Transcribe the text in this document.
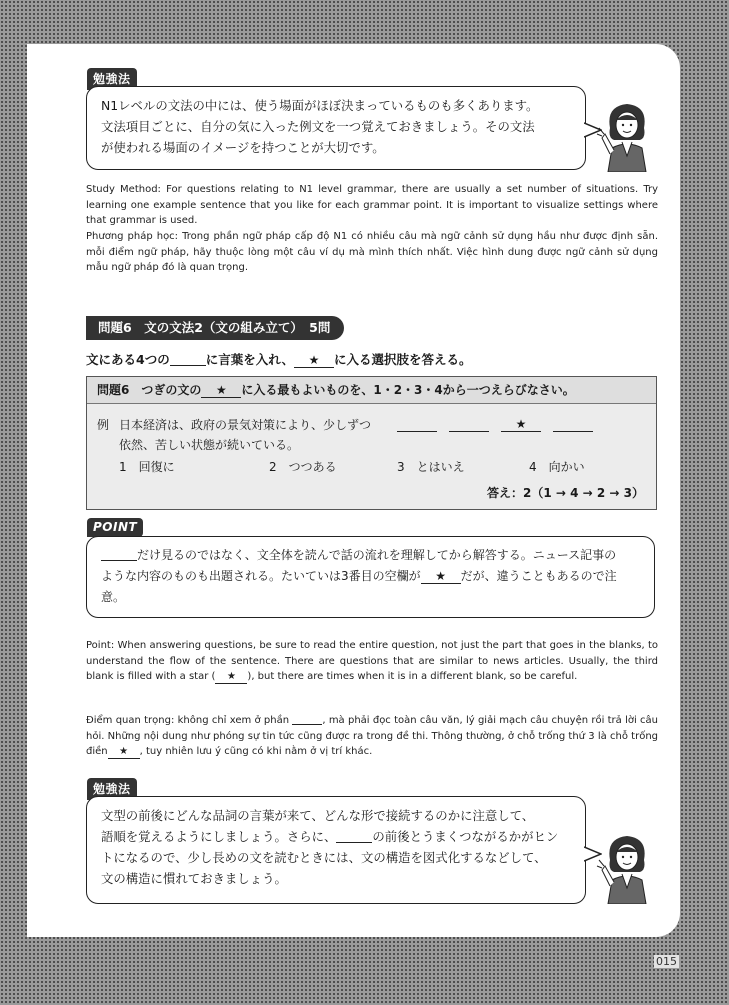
勉強法
N1レベルの文法の中には、使う場面がほぼ決まっているものも多くあります。
文法項目ごとに、自分の気に入った例文を一つ覚えておきましょう。その文法
が使われる場面のイメージを持つことが大切です。
Study Method: For questions relating to N1 level grammar, there are usually a set number of situations. Try learning one example sentence that you like for each grammar point. It is important to visualize settings where that grammar is used.
Phương pháp học: Trong phần ngữ pháp cấp độ N1 có nhiều câu mà ngữ cảnh sử dụng hầu như được định sẵn. mỗi điểm ngữ pháp, hãy thuộc lòng một câu ví dụ mà mình thích nhất. Việc hình dung được ngữ cảnh sử dụng mẫu ngữ pháp đó là quan trọng.
問題6　文の文法2（文の組み立て）　5問
文にある4つの	に言葉を入れ、 ★ に入る選択肢を答える。
問題6　つぎの文の ★ に入る最もよいものを、1・2・3・4から一つえらびなさい。
例 日本経済は、政府の景気対策により、少しずつ	★
依然、苦しい状態が続いている。
1　回復に	2　つつある	3　とはいえ	4　向かい
答え：2（1 → 4 → 2 → 3）
POINT
だけ見るのではなく、文全体を読んで話の流れを理解してから解答する。ニュース記事の
ような内容のものも出題される。たいていは3番目の空欄が ★ だが、違うこともあるので注
意。
Point: When answering questions, be sure to read the entire question, not just the part that goes in the blanks, to understand the flow of the sentence. There are questions that are similar to news articles. Usually, the third blank is filled with a star ( ★ ), but there are times when it is in a different blank, so be careful.
Điểm quan trọng: không chỉ xem ở phần	, mà phải đọc toàn câu văn, lý giải mạch câu chuyện rồi trả lời câu hỏi. Những nội dung như phóng sự tin tức cũng được ra trong đề thi. Thông thường, ở chỗ trống thứ 3 là chỗ trống điền ★ , tuy nhiên lưu ý cũng có khi nằm ở vị trí khác.
勉強法
文型の前後にどんな品詞の言葉が来て、どんな形で接続するのかに注意して、
語順を覚えるようにしましょう。さらに、	の前後とうまくつながるかがヒン
トになるので、少し長めの文を読むときには、文の構造を図式化するなどして、
文の構造に慣れておきましょう。
015
